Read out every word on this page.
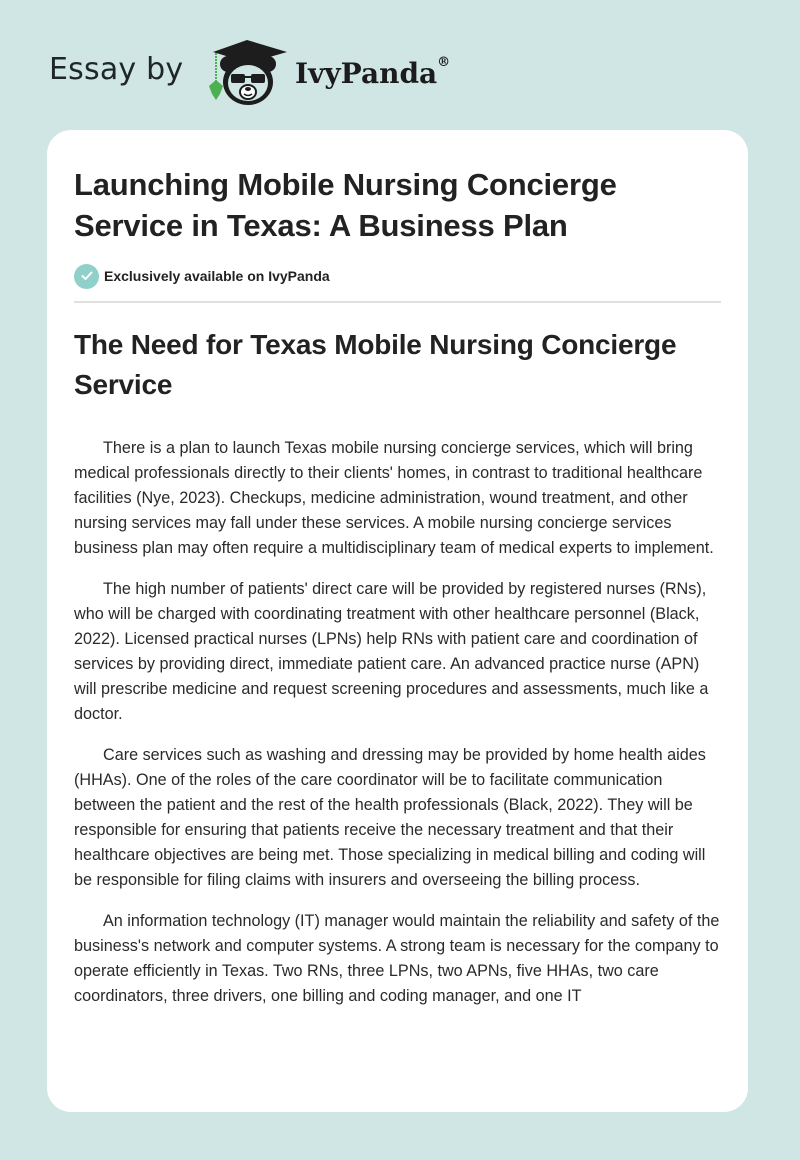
Essay by	IvyPanda®
Launching Mobile Nursing Concierge Service in Texas: A Business Plan
Exclusively available on IvyPanda
The Need for Texas Mobile Nursing Concierge Service

There is a plan to launch Texas mobile nursing concierge services, which will bring medical professionals directly to their clients' homes, in contrast to traditional healthcare facilities (Nye, 2023). Checkups, medicine administration, wound treatment, and other nursing services may fall under these services. A mobile nursing concierge services business plan may often require a multidisciplinary team of medical experts to implement.

The high number of patients' direct care will be provided by registered nurses (RNs), who will be charged with coordinating treatment with other healthcare personnel (Black, 2022). Licensed practical nurses (LPNs) help RNs with patient care and coordination of services by providing direct, immediate patient care. An advanced practice nurse (APN) will prescribe medicine and request screening procedures and assessments, much like a doctor.

Care services such as washing and dressing may be provided by home health aides (HHAs). One of the roles of the care coordinator will be to facilitate communication between the patient and the rest of the health professionals (Black, 2022). They will be responsible for ensuring that patients receive the necessary treatment and that their healthcare objectives are being met. Those specializing in medical billing and coding will be responsible for filing claims with insurers and overseeing the billing process.

An information technology (IT) manager would maintain the reliability and safety of the business's network and computer systems. A strong team is necessary for the company to operate efficiently in Texas. Two RNs, three LPNs, two APNs, five HHAs, two care coordinators, three drivers, one billing and coding manager, and one IT
